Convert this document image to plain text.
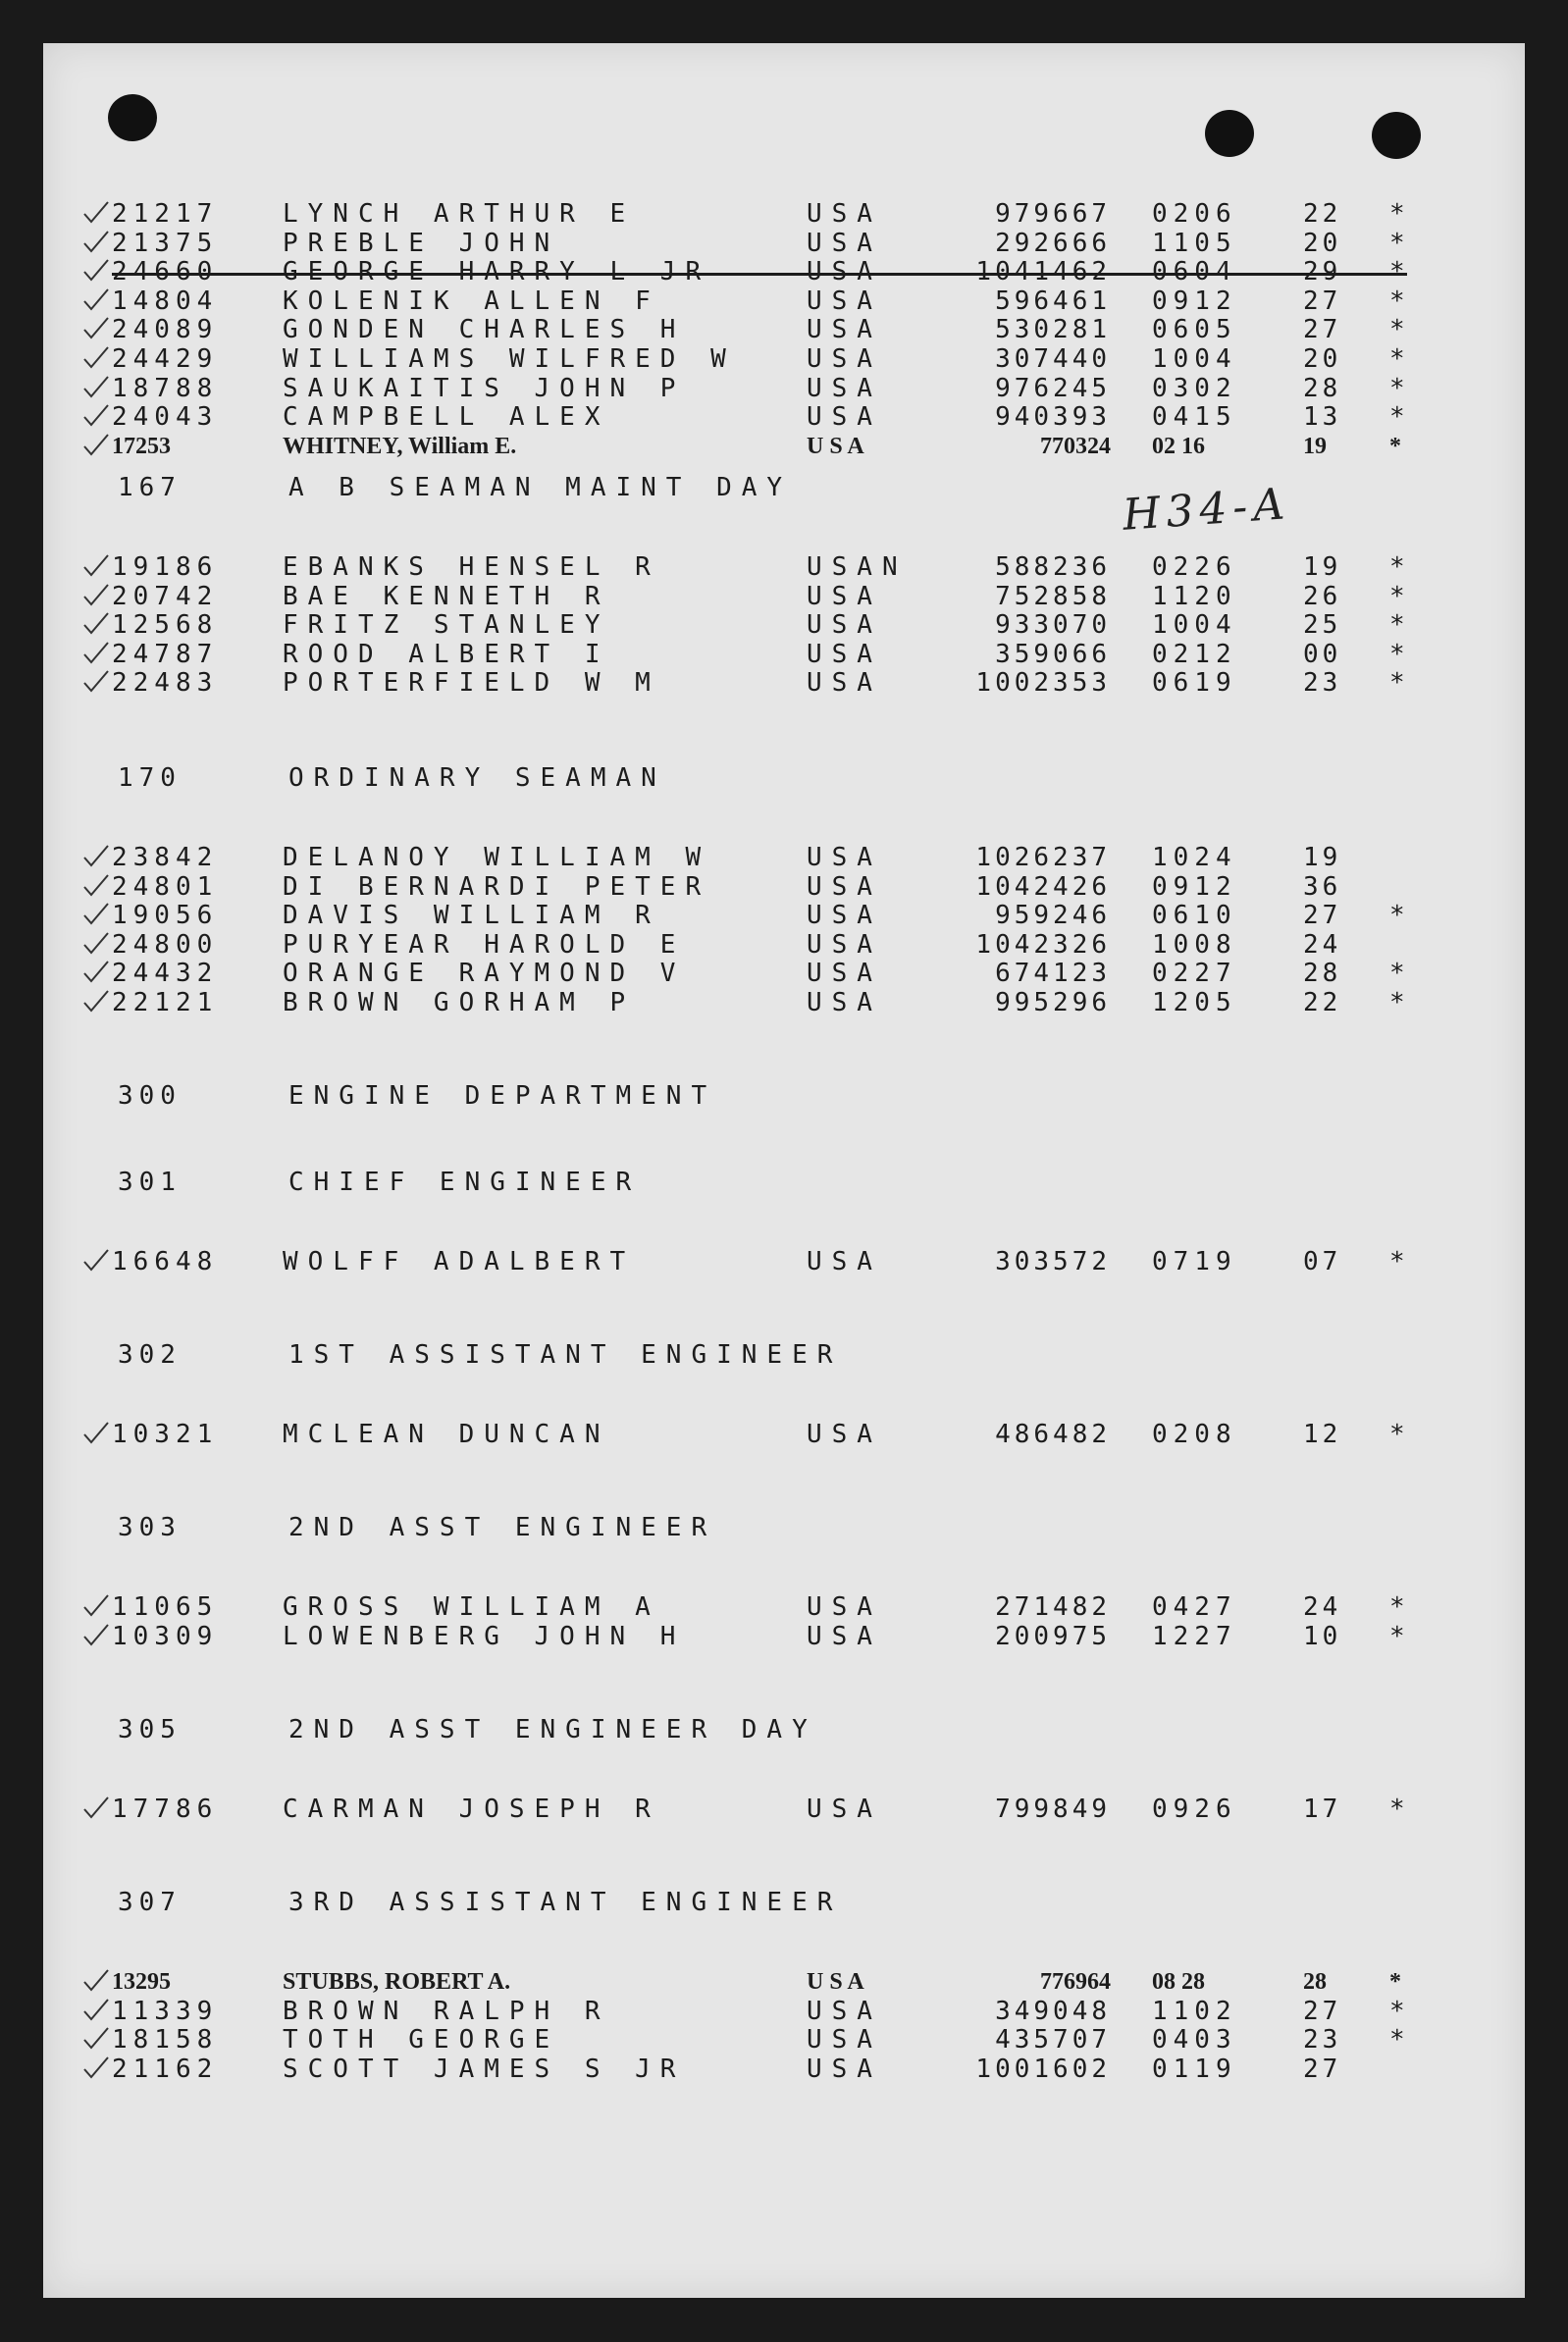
H34-A
21217	LYNCH ARTHUR E	USA	979667 0206	22 *
21375	PREBLE JOHN	USA	292666 1105	20 *
24660	GEORGE HARRY L JR	USA	1041462 0604	29 *
14804	KOLENIK ALLEN F	USA	596461 0912	27 *
24089	GONDEN CHARLES H	USA	530281 0605	27 *
24429	WILLIAMS WILFRED W	USA	307440 1004	20 *
18788	SAUKAITIS JOHN P	USA	976245 0302	28 *
24043	CAMPBELL ALEX	USA	940393 0415	13 *
17253	WHITNEY, William E.	U S A	770324 02 16	19	*
167	A B SEAMAN MAINT DAY
19186	EBANKS HENSEL R	USAN	588236 0226	19 *
20742	BAE KENNETH R	USA	752858 1120	26 *
12568	FRITZ STANLEY	USA	933070 1004	25 *
24787	ROOD ALBERT I	USA	359066 0212	00 *
22483	PORTERFIELD W M	USA	1002353 0619	23 *
170	ORDINARY SEAMAN
23842	DELANOY WILLIAM W	USA	1026237 1024	19
24801	DI BERNARDI PETER	USA	1042426 0912	36
19056	DAVIS WILLIAM R	USA	959246 0610	27 *
24800	PURYEAR HAROLD E	USA	1042326 1008	24
24432	ORANGE RAYMOND V	USA	674123 0227	28 *
22121	BROWN GORHAM P	USA	995296 1205	22 *
300	ENGINE DEPARTMENT
301	CHIEF ENGINEER
16648	WOLFF ADALBERT	USA	303572 0719	07 *
302	1ST ASSISTANT ENGINEER
10321	MCLEAN DUNCAN	USA	486482 0208	12 *
303	2ND ASST ENGINEER
11065	GROSS WILLIAM A	USA	271482 0427	24 *
10309	LOWENBERG JOHN H	USA	200975 1227	10 *
305	2ND ASST ENGINEER DAY
17786	CARMAN JOSEPH R	USA	799849 0926	17 *
307	3RD ASSISTANT ENGINEER
13295	STUBBS, ROBERT A.	U S A	776964 08 28	28	*
11339	BROWN RALPH R	USA	349048 1102	27 *
18158	TOTH GEORGE	USA	435707 0403	23 *
21162	SCOTT JAMES S JR	USA	1001602 0119	27
